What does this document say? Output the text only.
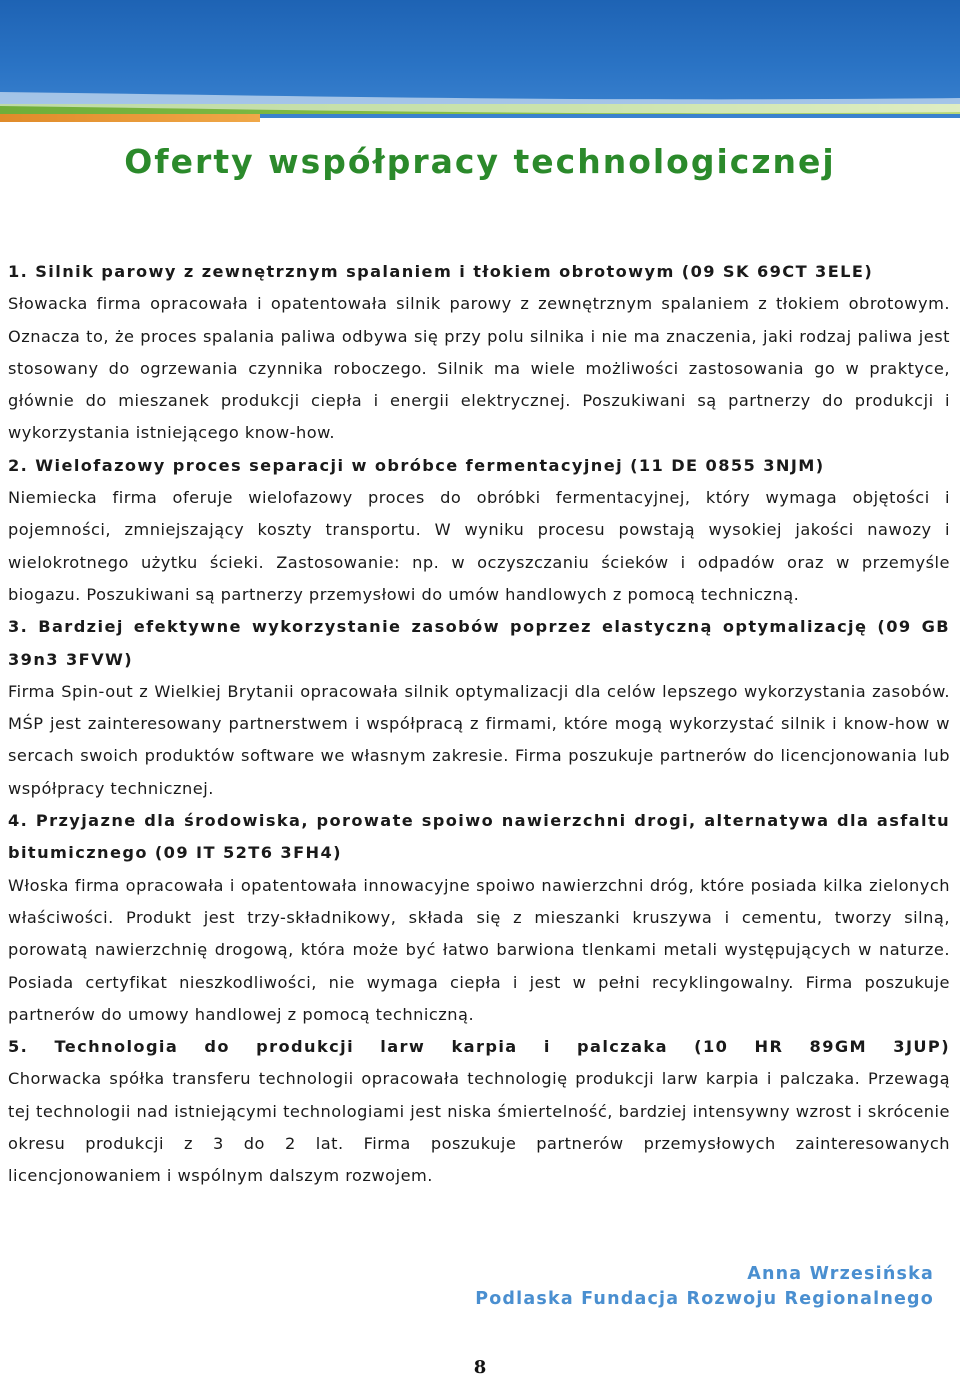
Oferty współpracy technologicznej

1. Silnik parowy z zewnętrznym spalaniem i tłokiem obrotowym (09 SK 69CT 3ELE)

Słowacka firma opracowała i opatentowała silnik parowy z zewnętrznym spalaniem z tłokiem obrotowym. Oznacza to, że proces spalania paliwa odbywa się przy polu silnika i nie ma znaczenia, jaki rodzaj paliwa jest stosowany do ogrzewania czynnika roboczego. Silnik ma wiele możliwości zastosowania go w praktyce, głównie do mieszanek produkcji ciepła i energii elektrycznej. Poszukiwani są partnerzy do produkcji i wykorzystania istniejącego know-how.

2. Wielofazowy proces separacji w obróbce fermentacyjnej (11 DE 0855 3NJM)

Niemiecka firma oferuje wielofazowy proces do obróbki fermentacyjnej, który wymaga objętości i pojemności, zmniejszający koszty transportu. W wyniku procesu powstają wysokiej jakości nawozy i wielokrotnego użytku ścieki. Zastosowanie: np. w oczyszczaniu ścieków i odpadów oraz w przemyśle biogazu. Poszukiwani są partnerzy przemysłowi do umów handlowych z pomocą techniczną.

3. Bardziej efektywne wykorzystanie zasobów poprzez elastyczną optymalizację (09 GB 39n3 3FVW)

Firma Spin-out z Wielkiej Brytanii opracowała silnik optymalizacji dla celów lepszego wykorzystania zasobów. MŚP jest zainteresowany partnerstwem i współpracą z firmami, które mogą wykorzystać silnik i know-how w sercach swoich produktów software we własnym zakresie. Firma poszukuje partnerów do licencjonowania lub współpracy technicznej.

4. Przyjazne dla środowiska, porowate spoiwo nawierzchni drogi, alternatywa dla asfaltu bitumicznego (09 IT 52T6 3FH4)

Włoska firma opracowała i opatentowała innowacyjne spoiwo nawierzchni dróg, które posiada kilka zielonych właściwości. Produkt jest trzy-składnikowy, składa się z mieszanki kruszywa i cementu, tworzy silną, porowatą nawierzchnię drogową, która może być łatwo barwiona tlenkami metali występujących w naturze. Posiada certyfikat nieszkodliwości, nie wymaga ciepła i jest w pełni recyklingowalny. Firma poszukuje partnerów do umowy handlowej z pomocą techniczną.

5. Technologia do produkcji larw karpia i palczaka (10 HR 89GM 3JUP)

Chorwacka spółka transferu technologii opracowała technologię produkcji larw karpia i palczaka. Przewagą tej technologii nad istniejącymi technologiami jest niska śmiertelność, bardziej intensywny wzrost i skrócenie okresu produkcji z 3 do 2 lat. Firma poszukuje partnerów przemysłowych zainteresowanych licencjonowaniem i wspólnym dalszym rozwojem.

Anna Wrzesińska
Podlaska Fundacja Rozwoju Regionalnego
8
